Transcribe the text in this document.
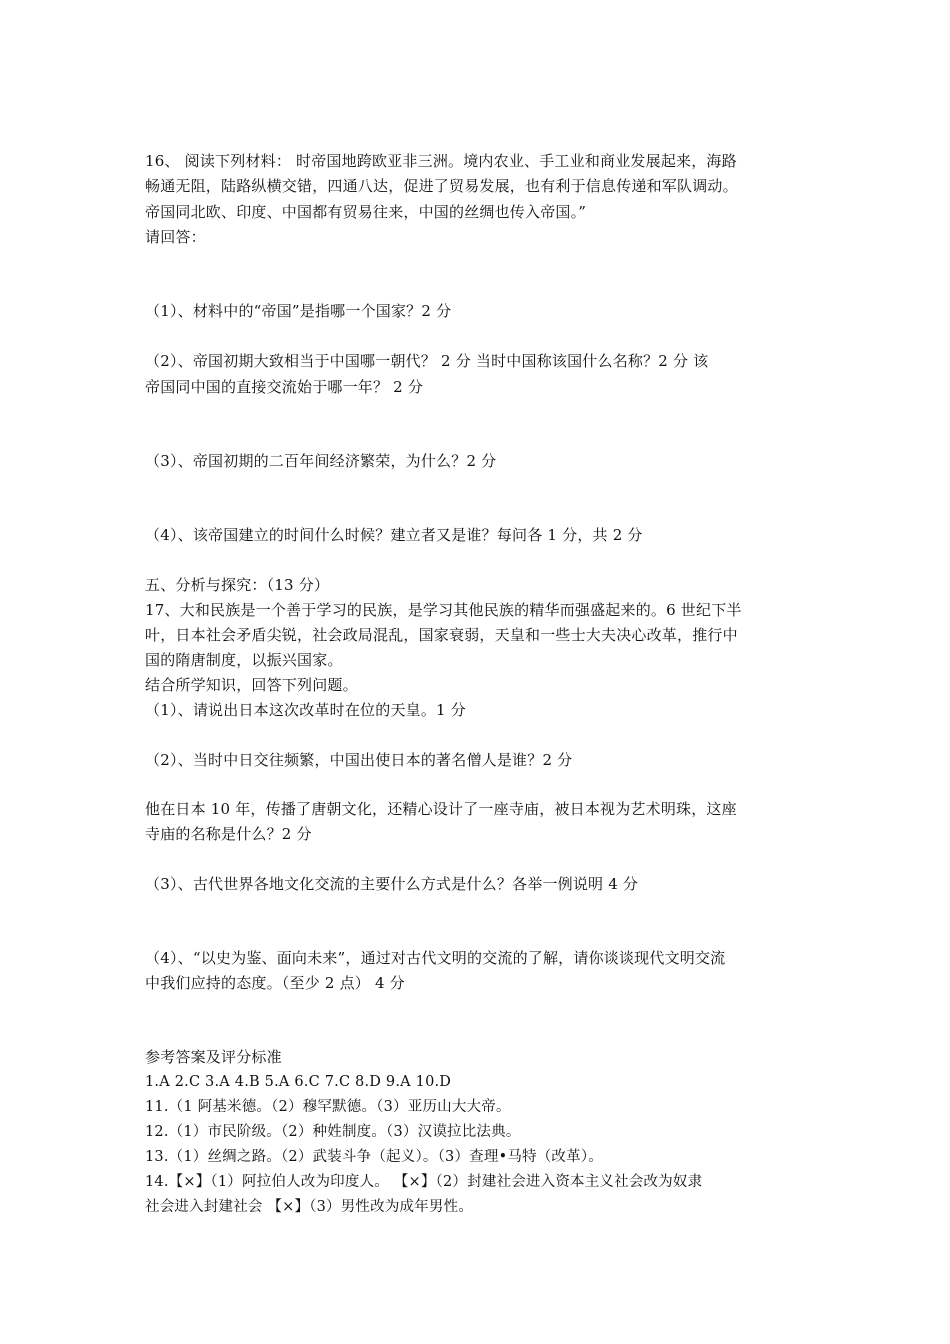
16、 阅读下列材料： 时帝国地跨欧亚非三洲。境内农业、手工业和商业发展起来，海路
畅通无阻，陆路纵横交错，四通八达，促进了贸易发展，也有利于信息传递和军队调动。
帝国同北欧、印度、中国都有贸易往来，中国的丝绸也传入帝国。”
请回答：
（1）、材料中的“帝国”是指哪一个国家？2 分
（2）、帝国初期大致相当于中国哪一朝代？ 2 分 当时中国称该国什么名称？2 分 该
帝国同中国的直接交流始于哪一年？ 2 分
（3）、帝国初期的二百年间经济繁荣，为什么？2 分
（4）、该帝国建立的时间什么时候？建立者又是谁？每问各 1 分，共 2 分
五、分析与探究：（13 分）
17、大和民族是一个善于学习的民族，是学习其他民族的精华而强盛起来的。6 世纪下半
叶，日本社会矛盾尖锐，社会政局混乱，国家衰弱，天皇和一些士大夫决心改革，推行中
国的隋唐制度，以振兴国家。
结合所学知识，回答下列问题。
（1）、请说出日本这次改革时在位的天皇。1 分
（2）、当时中日交往频繁，中国出使日本的著名僧人是谁？2 分
他在日本 10 年，传播了唐朝文化，还精心设计了一座寺庙，被日本视为艺术明珠，这座
寺庙的名称是什么？2 分
（3）、古代世界各地文化交流的主要什么方式是什么？各举一例说明 4 分
（4）、“以史为鉴、面向未来”，通过对古代文明的交流的了解，请你谈谈现代文明交流
中我们应持的态度。（至少 2 点） 4 分
参考答案及评分标准
1.A 2.C 3.A 4.B 5.A 6.C 7.C 8.D 9.A 10.D
11.（1 阿基米德。（2）穆罕默德。（3）亚历山大大帝。
12.（1）市民阶级。（2）种姓制度。（3）汉谟拉比法典。
13.（1）丝绸之路。（2）武装斗争（起义）。（3）查理•马特（改革）。
14.【×】（1）阿拉伯人改为印度人。 【×】（2）封建社会进入资本主义社会改为奴隶
社会进入封建社会 【×】（3）男性改为成年男性。
